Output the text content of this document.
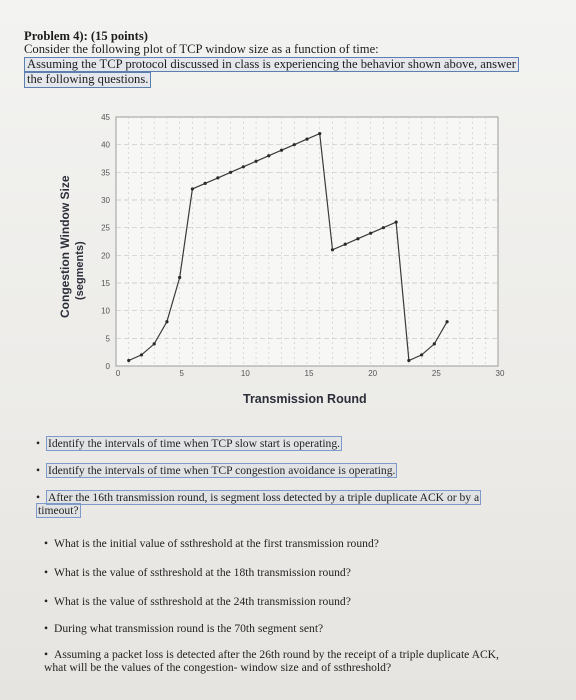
Problem 4): (15 points)
Consider the following plot of TCP window size as a function of time:
Assuming the TCP protocol discussed in class is experiencing the behavior shown above, answer
the following questions.
0
5
10
15
20
25
30
35
40
45
0	5	10	15	20	25	30
Congestion Window Size (segments)
Transmission Round
• Identify the intervals of time when TCP slow start is operating.
• Identify the intervals of time when TCP congestion avoidance is operating.
• After the 16th transmission round, is segment loss detected by a triple duplicate ACK or by a
timeout?
• What is the initial value of ssthreshold at the first transmission round?
• What is the value of ssthreshold at the 18th transmission round?
• What is the value of ssthreshold at the 24th transmission round?
• During what transmission round is the 70th segment sent?
• Assuming a packet loss is detected after the 26th round by the receipt of a triple duplicate ACK,
what will be the values of the congestion- window size and of ssthreshold?
